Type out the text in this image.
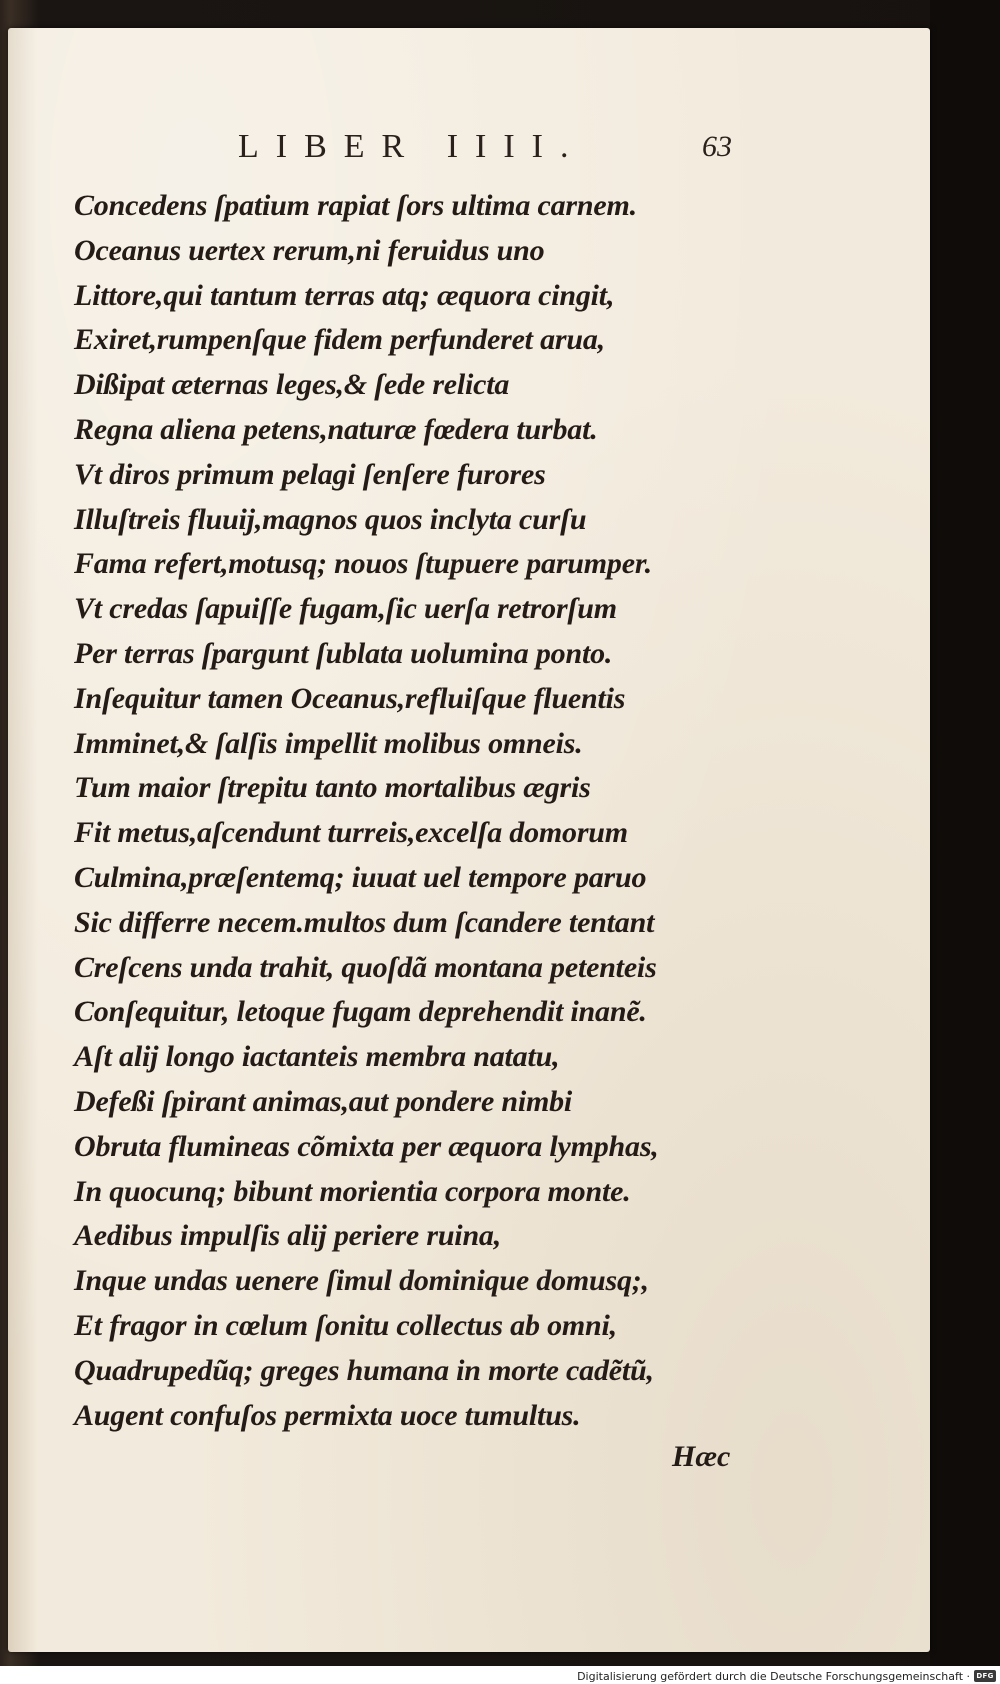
LIBER IIII.	63
Concedens ſpatium rapiat ſors ultima carnem.
Oceanus uertex rerum,ni feruidus uno
Littore,qui tantum terras atq; æquora cingit,
Exiret,rumpenſque fidem perfunderet arua,
Dißipat æternas leges,& ſede relicta
Regna aliena petens,naturæ fœdera turbat.
Vt diros primum pelagi ſenſere furores
Illuſtreis fluuij,magnos quos inclyta curſu
Fama refert,motusq; nouos ſtupuere parumper.
Vt credas ſapuiſſe fugam,ſic uerſa retrorſum
Per terras ſpargunt ſublata uolumina ponto.
Inſequitur tamen Oceanus,refluiſque fluentis
Imminet,& ſalſis impellit molibus omneis.
Tum maior ſtrepitu tanto mortalibus ægris
Fit metus,aſcendunt turreis,excelſa domorum
Culmina,præſentemq; iuuat uel tempore paruo
Sic differre necem.multos dum ſcandere tentant
Creſcens unda trahit, quoſdã montana petenteis
Conſequitur, letoque fugam deprehendit inanẽ.
Aſt alij longo iactanteis membra natatu,
Defeßi ſpirant animas,aut pondere nimbi
Obruta flumineas cõmixta per æquora lymphas,
In quocunq; bibunt morientia corpora monte.
Aedibus impulſis alij periere ruina,
Inque undas uenere ſimul dominique domusq;,
Et fragor in cœlum ſonitu collectus ab omni,
Quadrupedũq; greges humana in morte cadẽtũ,
Augent confuſos permixta uoce tumultus.
Hæc
Digitalisierung gefördert durch die Deutsche Forschungsgemeinschaft · DFG
